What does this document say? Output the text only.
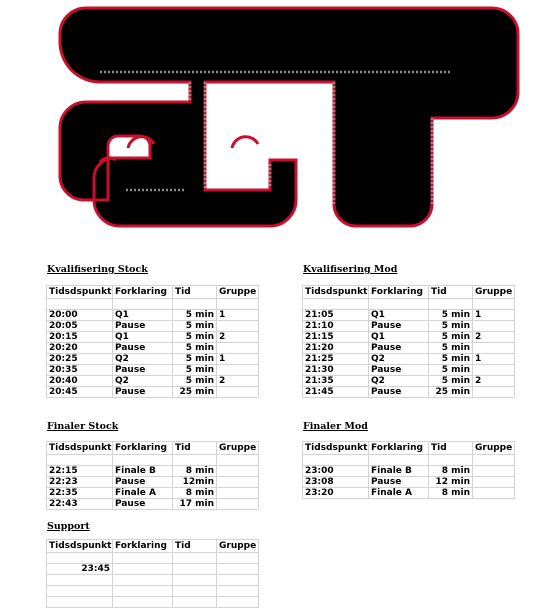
Kvalifisering Stock
Tidsdspunkt	Forklaring	Tid	Gruppe

20:00	Q1	5 min	1
20:05	Pause	5 min	
20:15	Q1	5 min	2
20:20	Pause	5 min	
20:25	Q2	5 min	1
20:35	Pause	5 min	
20:40	Q2	5 min	2
20:45	Pause	25 min	
Kvalifisering Mod
Tidsdspunkt	Forklaring	Tid	Gruppe

21:05	Q1	5 min	1
21:10	Pause	5 min	
21:15	Q1	5 min	2
21:20	Pause	5 min	
21:25	Q2	5 min	1
21:30	Pause	5 min	
21:35	Q2	5 min	2
21:45	Pause	25 min	
Finaler Stock
Tidsdspunkt	Forklaring	Tid	Gruppe

22:15	Finale B	8 min	
22:23	Pause	12min	
22:35	Finale A	8 min	
22:43	Pause	17 min	
Finaler Mod
Tidsdspunkt	Forklaring	Tid	Gruppe

23:00	Finale B	8 min	
23:08	Pause	12 min	
23:20	Finale A	8 min	
Support
Tidsdspunkt	Forklaring	Tid	Gruppe

23:45			
